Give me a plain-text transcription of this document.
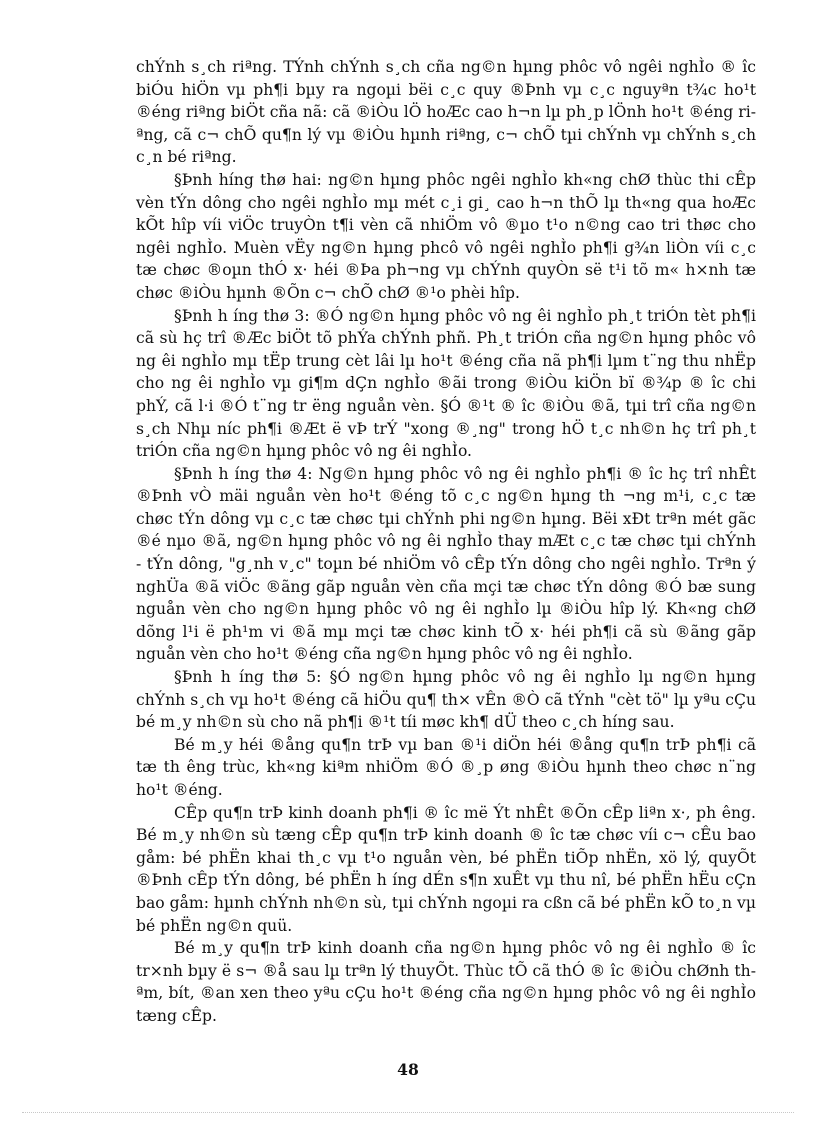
chÝnh s¸ch riªng. TÝnh chÝnh s¸ch cña ng©n hµng phôc vô ngêi nghÌo ® îc biÓu hiÖn vµ ph¶i bµy ra ngoµi bëi c¸c quy ®Þnh vµ c¸c nguyªn t¾c ho¹t ®éng riªng biÖt cña nã: cã ®iÒu lÖ hoÆc cao h¬n lµ ph¸p lÖnh ho¹t ®éng riªng, cã c¬ chÕ qu¶n lý vµ ®iÒu hµnh riªng, c¬ chÕ tµi chÝnh vµ chÝnh s¸ch c¸n bé riªng.

§Þnh híng thø hai: ng©n hµng phôc ngêi nghÌo kh«ng chØ thùc thi cÊp vèn tÝn dông cho ngêi nghÌo mµ mét c¸i gi¸ cao h¬n thÕ lµ th«ng qua hoÆc kÕt hîp víi viÖc truyÒn t¶i vèn cã nhiÖm vô ®µo t¹o n©ng cao tri thøc cho ngêi nghÌo. Muèn vËy ng©n hµng phcô vô ngêi nghÌo ph¶i g¾n liÒn víi c¸c tæ chøc ®oµn thÓ x· héi ®Þa ph¬ng vµ chÝnh quyÒn së t¹i tõ m« h×nh tæ chøc ®iÒu hµnh ®Õn c¬ chÕ chØ ®¹o phèi hîp.

§Þnh h íng thø 3: ®Ó ng©n hµng phôc vô ng êi nghÌo ph¸t triÓn tèt ph¶i cã sù hç trî ®Æc biÖt tõ phÝa chÝnh phñ. Ph¸t triÓn cña ng©n hµng phôc vô ng êi nghÌo mµ tËp trung cèt lâi lµ ho¹t ®éng cña nã ph¶i lµm t¨ng thu nhËp cho ng êi nghÌo vµ gi¶m dÇn nghÌo ®ãi trong ®iÒu kiÖn bï ®¾p ® îc chi phÝ, cã l·i ®Ó t¨ng tr ëng nguån vèn. §Ó ®¹t ® îc ®iÒu ®ã, tµi trî cña ng©n s¸ch Nhµ níc ph¶i ®Æt ë vÞ trÝ "xong ®¸ng" trong hÖ t¸c nh©n hç trî ph¸t triÓn cña ng©n hµng phôc vô ng êi nghÌo.

§Þnh h íng thø 4: Ng©n hµng phôc vô ng êi nghÌo ph¶i ® îc hç trî nhÊt ®Þnh vÒ mäi nguån vèn ho¹t ®éng tõ c¸c ng©n hµng th ¬ng m¹i, c¸c tæ chøc tÝn dông vµ c¸c tæ chøc tµi chÝnh phi ng©n hµng. Bëi xÐt trªn mét gãc ®é nµo ®ã, ng©n hµng phôc vô ng êi nghÌo thay mÆt c¸c tæ chøc tµi chÝnh - tÝn dông, "g¸nh v¸c" toµn bé nhiÖm vô cÊp tÝn dông cho ngêi nghÌo. Trªn ý nghÜa ®ã viÖc ®ãng gãp nguån vèn cña mçi tæ chøc tÝn dông ®Ó bæ sung nguån vèn cho ng©n hµng phôc vô ng êi nghÌo lµ ®iÒu hîp lý. Kh«ng chØ dõng l¹i ë ph¹m vi ®ã mµ mçi tæ chøc kinh tÕ x· héi ph¶i cã sù ®ãng gãp nguån vèn cho ho¹t ®éng cña ng©n hµng phôc vô ng êi nghÌo.

§Þnh h íng thø 5: §Ó ng©n hµng phôc vô ng êi nghÌo lµ ng©n hµng chÝnh s¸ch vµ ho¹t ®éng cã hiÖu qu¶ th× vÊn ®Ò cã tÝnh "cèt tö" lµ yªu cÇu bé m¸y nh©n sù cho nã ph¶i ®¹t tíi møc kh¶ dÜ theo c¸ch híng sau.

Bé m¸y héi ®ång qu¶n trÞ vµ ban ®¹i diÖn héi ®ång qu¶n trÞ ph¶i cã tæ th êng trùc, kh«ng kiªm nhiÖm ®Ó ®¸p øng ®iÒu hµnh theo chøc n¨ng ho¹t ®éng.

CÊp qu¶n trÞ kinh doanh ph¶i ® îc më Ýt nhÊt ®Õn cÊp liªn x·, ph êng. Bé m¸y nh©n sù tæng cÊp qu¶n trÞ kinh doanh ® îc tæ chøc víi c¬ cÊu bao gåm: bé phËn khai th¸c vµ t¹o nguån vèn, bé phËn tiÕp nhËn, xö lý, quyÕt ®Þnh cÊp tÝn dông, bé phËn h íng dÉn s¶n xuÊt vµ thu nî, bé phËn hËu cÇn bao gåm: hµnh chÝnh nh©n sù, tµi chÝnh ngoµi ra cßn cã bé phËn kÕ to¸n vµ bé phËn ng©n quü.

Bé m¸y qu¶n trÞ kinh doanh cña ng©n hµng phôc vô ng êi nghÌo ® îc tr×nh bµy ë s¬ ®å sau lµ trªn lý thuyÕt. Thùc tÕ cã thÓ ® îc ®iÒu chØnh thªm, bít, ®an xen theo yªu cÇu ho¹t ®éng cña ng©n hµng phôc vô ng êi nghÌo tæng cÊp.

48
